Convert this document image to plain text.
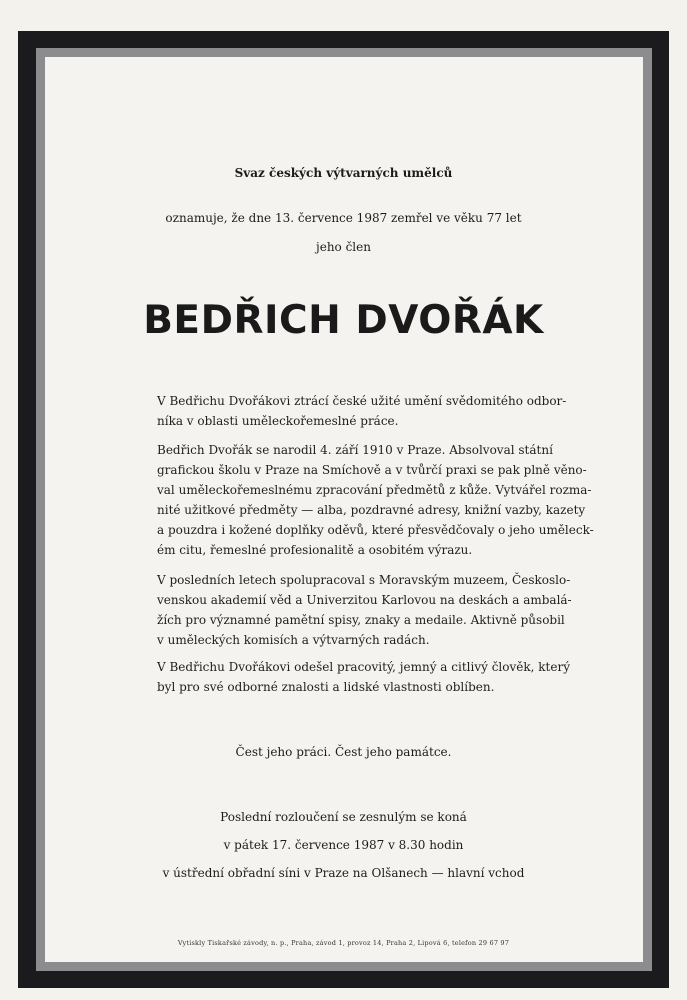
Svaz českých výtvarných umělců
oznamuje, že dne 13. července 1987 zemřel ve věku 77 let
jeho člen
BEDŘICH DVOŘÁK
V Bedřichu Dvořákovi ztrácí české užité umění svědomitého odbor-
níka v oblasti uměleckořemeslné práce.
Bedřich Dvořák se narodil 4. září 1910 v Praze. Absolvoval státní
grafickou školu v Praze na Smíchově a v tvůrčí praxi se pak plně věno-
val uměleckořemeslnému zpracování předmětů z kůže. Vytvářel rozma-
nité užitkové předměty — alba, pozdravné adresy, knižní vazby, kazety
a pouzdra i kožené doplňky oděvů, které přesvědčovaly o jeho uměleck-
ém citu, řemeslné profesionalitě a osobitém výrazu.
V posledních letech spolupracoval s Moravským muzeem, Českoslo-
venskou akademií věd a Univerzitou Karlovou na deskách a ambalá-
žích pro významné pamětní spisy, znaky a medaile. Aktivně působil
v uměleckých komisích a výtvarných radách.
V Bedřichu Dvořákovi odešel pracovitý, jemný a citlivý člověk, který
byl pro své odborné znalosti a lidské vlastnosti oblíben.
Čest jeho práci. Čest jeho památce.
Poslední rozloučení se zesnulým se koná
v pátek 17. července 1987 v 8.30 hodin
v ústřední obřadní síni v Praze na Olšanech — hlavní vchod
Vytiskly Tiskařské závody, n. p., Praha, závod 1, provoz 14, Praha 2, Lipová 6, telefon 29 67 97
